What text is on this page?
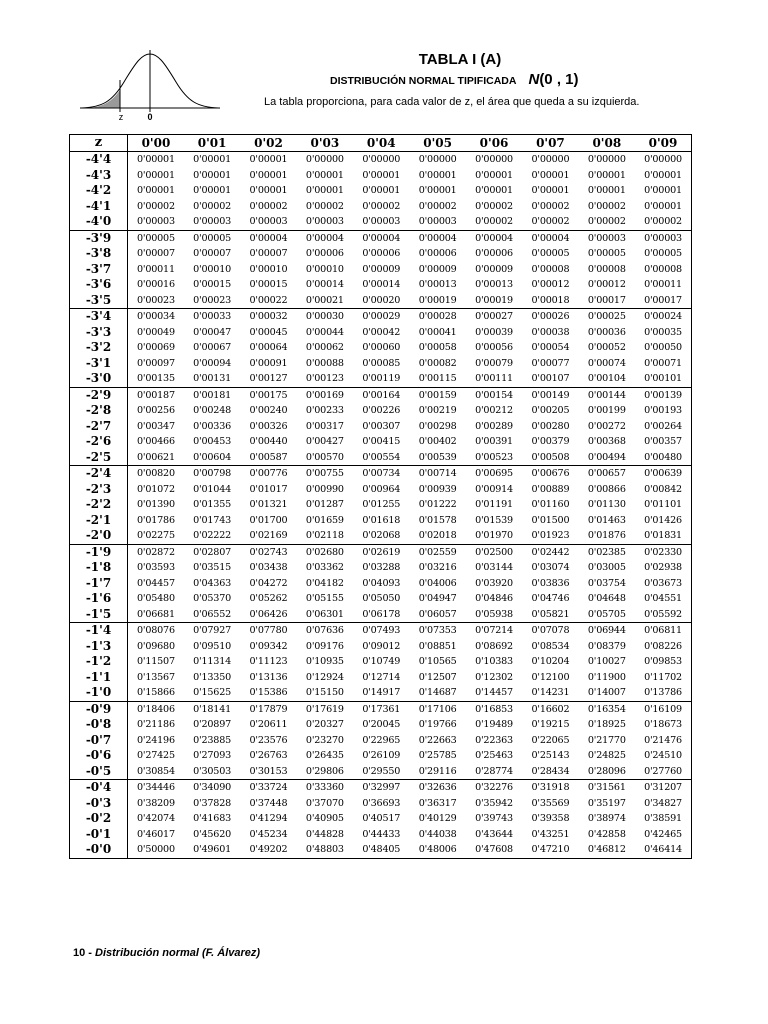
z	0
TABLA I (A)
DISTRIBUCIÓN NORMAL TIPIFICADA N(0 , 1)
La tabla proporciona, para cada valor de z, el área que queda a su izquierda.
z	0'00	0'01	0'02	0'03	0'04	0'05	0'06	0'07	0'08	0'09
-4'4	0'00001	0'00001	0'00001	0'00000	0'00000	0'00000	0'00000	0'00000	0'00000	0'00000
-4'3	0'00001	0'00001	0'00001	0'00001	0'00001	0'00001	0'00001	0'00001	0'00001	0'00001
-4'2	0'00001	0'00001	0'00001	0'00001	0'00001	0'00001	0'00001	0'00001	0'00001	0'00001
-4'1	0'00002	0'00002	0'00002	0'00002	0'00002	0'00002	0'00002	0'00002	0'00002	0'00001
-4'0	0'00003	0'00003	0'00003	0'00003	0'00003	0'00003	0'00002	0'00002	0'00002	0'00002
-3'9	0'00005	0'00005	0'00004	0'00004	0'00004	0'00004	0'00004	0'00004	0'00003	0'00003
-3'8	0'00007	0'00007	0'00007	0'00006	0'00006	0'00006	0'00006	0'00005	0'00005	0'00005
-3'7	0'00011	0'00010	0'00010	0'00010	0'00009	0'00009	0'00009	0'00008	0'00008	0'00008
-3'6	0'00016	0'00015	0'00015	0'00014	0'00014	0'00013	0'00013	0'00012	0'00012	0'00011
-3'5	0'00023	0'00023	0'00022	0'00021	0'00020	0'00019	0'00019	0'00018	0'00017	0'00017
-3'4	0'00034	0'00033	0'00032	0'00030	0'00029	0'00028	0'00027	0'00026	0'00025	0'00024
-3'3	0'00049	0'00047	0'00045	0'00044	0'00042	0'00041	0'00039	0'00038	0'00036	0'00035
-3'2	0'00069	0'00067	0'00064	0'00062	0'00060	0'00058	0'00056	0'00054	0'00052	0'00050
-3'1	0'00097	0'00094	0'00091	0'00088	0'00085	0'00082	0'00079	0'00077	0'00074	0'00071
-3'0	0'00135	0'00131	0'00127	0'00123	0'00119	0'00115	0'00111	0'00107	0'00104	0'00101
-2'9	0'00187	0'00181	0'00175	0'00169	0'00164	0'00159	0'00154	0'00149	0'00144	0'00139
-2'8	0'00256	0'00248	0'00240	0'00233	0'00226	0'00219	0'00212	0'00205	0'00199	0'00193
-2'7	0'00347	0'00336	0'00326	0'00317	0'00307	0'00298	0'00289	0'00280	0'00272	0'00264
-2'6	0'00466	0'00453	0'00440	0'00427	0'00415	0'00402	0'00391	0'00379	0'00368	0'00357
-2'5	0'00621	0'00604	0'00587	0'00570	0'00554	0'00539	0'00523	0'00508	0'00494	0'00480
-2'4	0'00820	0'00798	0'00776	0'00755	0'00734	0'00714	0'00695	0'00676	0'00657	0'00639
-2'3	0'01072	0'01044	0'01017	0'00990	0'00964	0'00939	0'00914	0'00889	0'00866	0'00842
-2'2	0'01390	0'01355	0'01321	0'01287	0'01255	0'01222	0'01191	0'01160	0'01130	0'01101
-2'1	0'01786	0'01743	0'01700	0'01659	0'01618	0'01578	0'01539	0'01500	0'01463	0'01426
-2'0	0'02275	0'02222	0'02169	0'02118	0'02068	0'02018	0'01970	0'01923	0'01876	0'01831
-1'9	0'02872	0'02807	0'02743	0'02680	0'02619	0'02559	0'02500	0'02442	0'02385	0'02330
-1'8	0'03593	0'03515	0'03438	0'03362	0'03288	0'03216	0'03144	0'03074	0'03005	0'02938
-1'7	0'04457	0'04363	0'04272	0'04182	0'04093	0'04006	0'03920	0'03836	0'03754	0'03673
-1'6	0'05480	0'05370	0'05262	0'05155	0'05050	0'04947	0'04846	0'04746	0'04648	0'04551
-1'5	0'06681	0'06552	0'06426	0'06301	0'06178	0'06057	0'05938	0'05821	0'05705	0'05592
-1'4	0'08076	0'07927	0'07780	0'07636	0'07493	0'07353	0'07214	0'07078	0'06944	0'06811
-1'3	0'09680	0'09510	0'09342	0'09176	0'09012	0'08851	0'08692	0'08534	0'08379	0'08226
-1'2	0'11507	0'11314	0'11123	0'10935	0'10749	0'10565	0'10383	0'10204	0'10027	0'09853
-1'1	0'13567	0'13350	0'13136	0'12924	0'12714	0'12507	0'12302	0'12100	0'11900	0'11702
-1'0	0'15866	0'15625	0'15386	0'15150	0'14917	0'14687	0'14457	0'14231	0'14007	0'13786
-0'9	0'18406	0'18141	0'17879	0'17619	0'17361	0'17106	0'16853	0'16602	0'16354	0'16109
-0'8	0'21186	0'20897	0'20611	0'20327	0'20045	0'19766	0'19489	0'19215	0'18925	0'18673
-0'7	0'24196	0'23885	0'23576	0'23270	0'22965	0'22663	0'22363	0'22065	0'21770	0'21476
-0'6	0'27425	0'27093	0'26763	0'26435	0'26109	0'25785	0'25463	0'25143	0'24825	0'24510
-0'5	0'30854	0'30503	0'30153	0'29806	0'29550	0'29116	0'28774	0'28434	0'28096	0'27760
-0'4	0'34446	0'34090	0'33724	0'33360	0'32997	0'32636	0'32276	0'31918	0'31561	0'31207
-0'3	0'38209	0'37828	0'37448	0'37070	0'36693	0'36317	0'35942	0'35569	0'35197	0'34827
-0'2	0'42074	0'41683	0'41294	0'40905	0'40517	0'40129	0'39743	0'39358	0'38974	0'38591
-0'1	0'46017	0'45620	0'45234	0'44828	0'44433	0'44038	0'43644	0'43251	0'42858	0'42465
-0'0	0'50000	0'49601	0'49202	0'48803	0'48405	0'48006	0'47608	0'47210	0'46812	0'46414
10 - Distribución normal (F. Álvarez)
